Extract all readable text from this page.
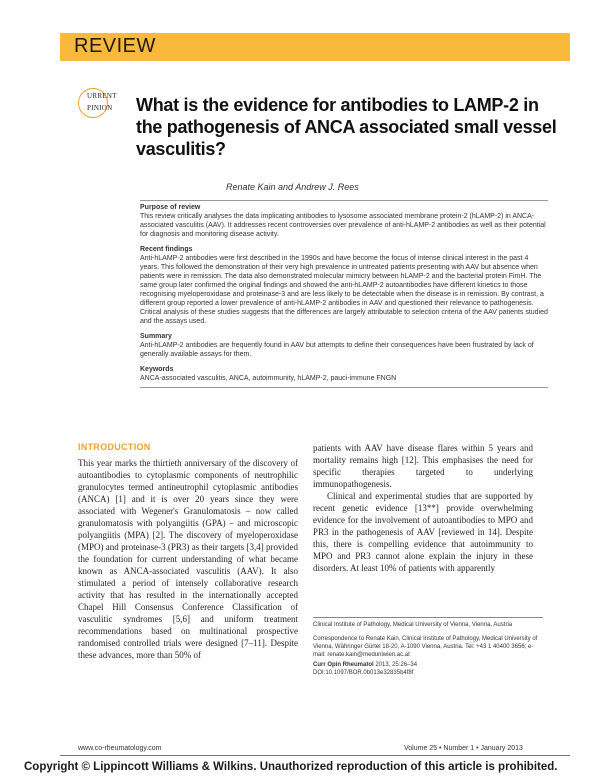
REVIEW
URRENT
PINION What is the evidence for antibodies to LAMP-2 in the pathogenesis of ANCA associated small vessel vasculitis?
Renate Kain and Andrew J. Rees
Purpose of review

This review critically analyses the data implicating antibodies to lysosome associated membrane protein-2 (hLAMP-2) in ANCA-associated vasculitis (AAV). It addresses recent controversies over prevalence of anti-hLAMP-2 antibodies as well as their potential for diagnosis and monitoring disease activity.

Recent findings

Anti-hLAMP-2 antibodies were first described in the 1990s and have become the focus of intense clinical interest in the past 4 years. This followed the demonstration of their very high prevalence in untreated patients presenting with AAV but absence when patients were in remission. The data also demonstrated molecular mimicry between hLAMP-2 and the bacterial protein FimH. The same group later confirmed the original findings and showed the anti-hLAMP-2 autoantibodies have different kinetics to those recognising myeloperoxidase and proteinase-3 and are less likely to be detectable when the disease is in remission. By contrast, a different group reported a lower prevalence of anti-hLAMP-2 antibodies in AAV and questioned their relevance to pathogenesis. Critical analysis of these studies suggests that the differences are largely attributable to selection criteria of the AAV patients studied and the assays used.

Summary

Anti-hLAMP-2 antibodies are frequently found in AAV but attempts to define their consequences have been frustrated by lack of generally available assays for them.

Keywords

ANCA-associated vasculitis, ANCA, autoimmunity, hLAMP-2, pauci-immune FNGN

INTRODUCTION

This year marks the thirtieth anniversary of the discovery of autoantibodies to cytoplasmic components of neutrophilic granulocytes termed antineutrophil cytoplasmic antibodies (ANCA) [1] and it is over 20 years since they were associated with Wegener's Granulomatosis – now called granulomatosis with polyangiitis (GPA) – and microscopic polyangiitis (MPA) [2]. The discovery of myeloperoxidase (MPO) and proteinase-3 (PR3) as their targets [3,4] provided the foundation for current understanding of what became known as ANCA-associated vasculitis (AAV). It also stimulated a period of intensely collaborative research activity that has resulted in the internationally accepted Chapel Hill Consensus Conference Classification of vasculitic syndromes [5,6] and uniform treatment recommendations based on multinational prospective randomised controlled trials were designed [7–11]. Despite these advances, more than 50% of

patients with AAV have disease flares within 5 years and mortality remains high [12]. This emphasises the need for specific therapies targeted to underlying immunopathogenesis.

Clinical and experimental studies that are supported by recent genetic evidence [13**] provide overwhelming evidence for the involvement of autoantibodies to MPO and PR3 in the pathogenesis of AAV [reviewed in 14]. Despite this, there is compelling evidence that autoimmunity to MPO and PR3 cannot alone explain the injury in these disorders. At least 10% of patients with apparently

Clinical Institute of Pathology, Medical University of Vienna, Vienna, Austria
Correspondence to Renate Kain, Clinical Institute of Pathology, Medical University of Vienna, Währinger Gürtel 18-20, A-1090 Vienna, Austria. Tel: +43 1 40400 3656; e-mail: renate.kain@meduniwien.ac.at
Curr Opin Rheumatol 2013, 25:26–34
DOI:10.1097/BOR.0b013e32835b4f8f
www.co-rheumatology.com	Volume 25 • Number 1 • January 2013
Copyright © Lippincott Williams & Wilkins. Unauthorized reproduction of this article is prohibited.
